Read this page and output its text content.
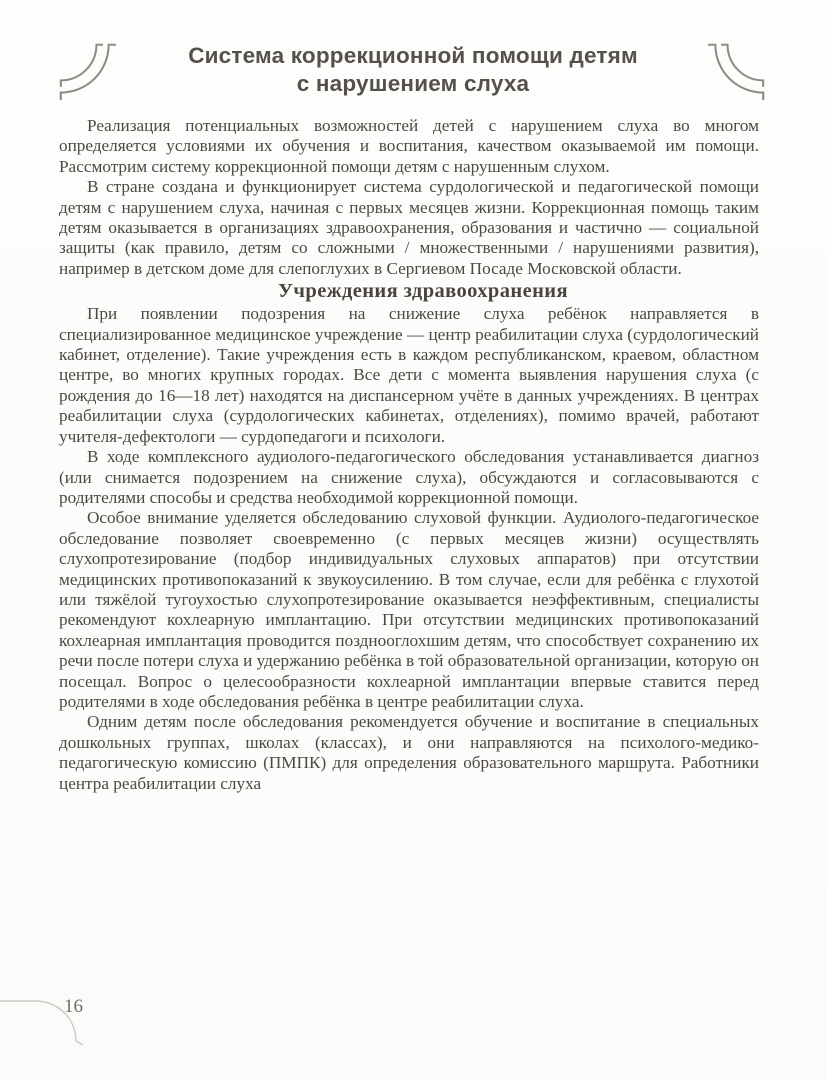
Система коррекционной помощи детям
с нарушением слуха

Реализация потенциальных возможностей детей с нарушением слуха во многом определяется условиями их обучения и воспитания, качеством оказываемой им помощи. Рассмотрим систему коррекционной помощи детям с нарушенным слухом.

В стране создана и функционирует система сурдологической и педагогической помощи детям с нарушением слуха, начиная с первых месяцев жизни. Коррекционная помощь таким детям оказывается в организациях здравоохранения, образования и частично — социальной защиты (как правило, детям со сложными / множественными / нарушениями развития), например в детском доме для слепоглухих в Сергиевом Посаде Московской области.

Учреждения здравоохранения

При появлении подозрения на снижение слуха ребёнок направляется в специализированное медицинское учреждение — центр реабилитации слуха (сурдологический кабинет, отделение). Такие учреждения есть в каждом республиканском, краевом, областном центре, во многих крупных городах. Все дети с момента выявления нарушения слуха (с рождения до 16—18 лет) находятся на диспансерном учёте в данных учреждениях. В центрах реабилитации слуха (сурдологических кабинетах, отделениях), помимо врачей, работают учителя-дефектологи — сурдопедагоги и психологи.

В ходе комплексного аудиолого-педагогического обследования устанавливается диагноз (или снимается подозрением на снижение слуха), обсуждаются и согласовываются с родителями способы и средства необходимой коррекционной помощи.

Особое внимание уделяется обследованию слуховой функции. Аудиолого-педагогическое обследование позволяет своевременно (с первых месяцев жизни) осуществлять слухопротезирование (подбор индивидуальных слуховых аппаратов) при отсутствии медицинских противопоказаний к звукоусилению. В том случае, если для ребёнка с глухотой или тяжёлой тугоухостью слухопротезирование оказывается неэффективным, специалисты рекомендуют кохлеарную имплантацию. При отсутствии медицинских противопоказаний кохлеарная имплантация проводится позднооглохшим детям, что способствует сохранению их речи после потери слуха и удержанию ребёнка в той образовательной организации, которую он посещал. Вопрос о целесообразности кохлеарной имплантации впервые ставится перед родителями в ходе обследования ребёнка в центре реабилитации слуха.

Одним детям после обследования рекомендуется обучение и воспитание в специальных дошкольных группах, школах (классах), и они направляются на психолого-медико-педагогическую комиссию (ПМПК) для определения образовательного маршрута. Работники центра реабилитации слуха

16
